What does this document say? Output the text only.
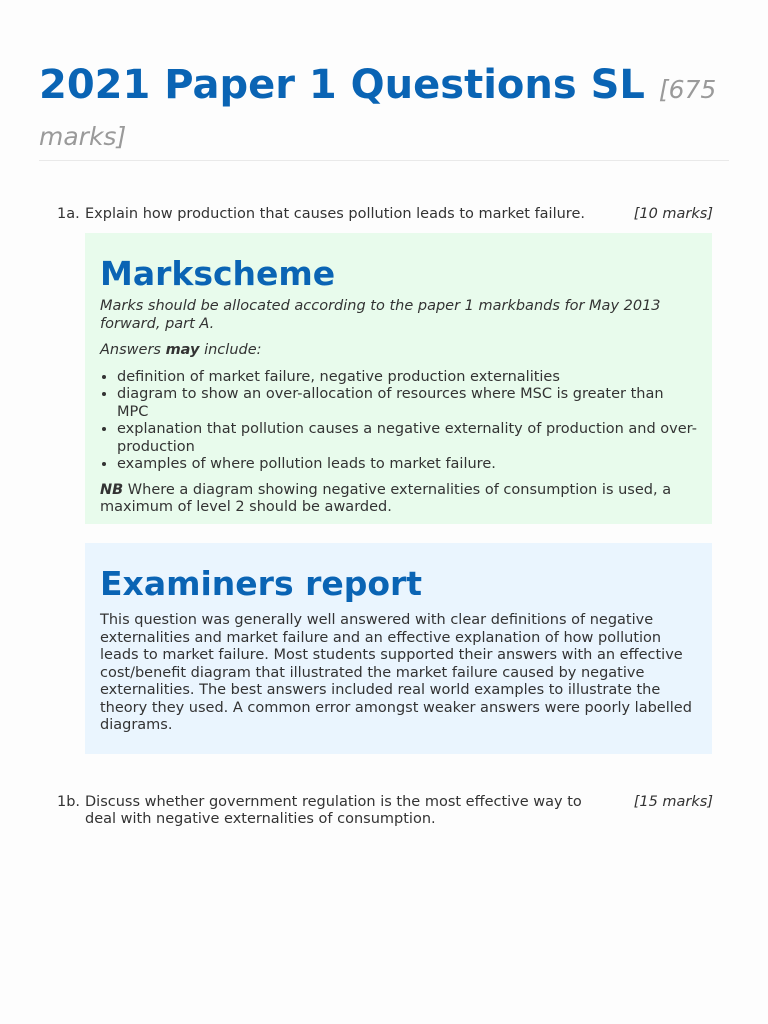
2021 Paper 1 Questions SL [675 marks]
1a. Explain how production that causes pollution leads to market failure.	[10 marks]
Markscheme

Marks should be allocated according to the paper 1 markbands for May 2013 forward, part A.

Answers may include:

• definition of market failure, negative production externalities
• diagram to show an over-allocation of resources where MSC is greater than MPC
• explanation that pollution causes a negative externality of production and over-production
• examples of where pollution leads to market failure.

NB Where a diagram showing negative externalities of consumption is used, a maximum of level 2 should be awarded.

Examiners report

This question was generally well answered with clear definitions of negative externalities and market failure and an effective explanation of how pollution leads to market failure. Most students supported their answers with an effective cost/benefit diagram that illustrated the market failure caused by negative externalities. The best answers included real world examples to illustrate the theory they used. A common error amongst weaker answers were poorly labelled diagrams.

1b. Discuss whether government regulation is the most effective way to deal with negative externalities of consumption.
[15 marks]
